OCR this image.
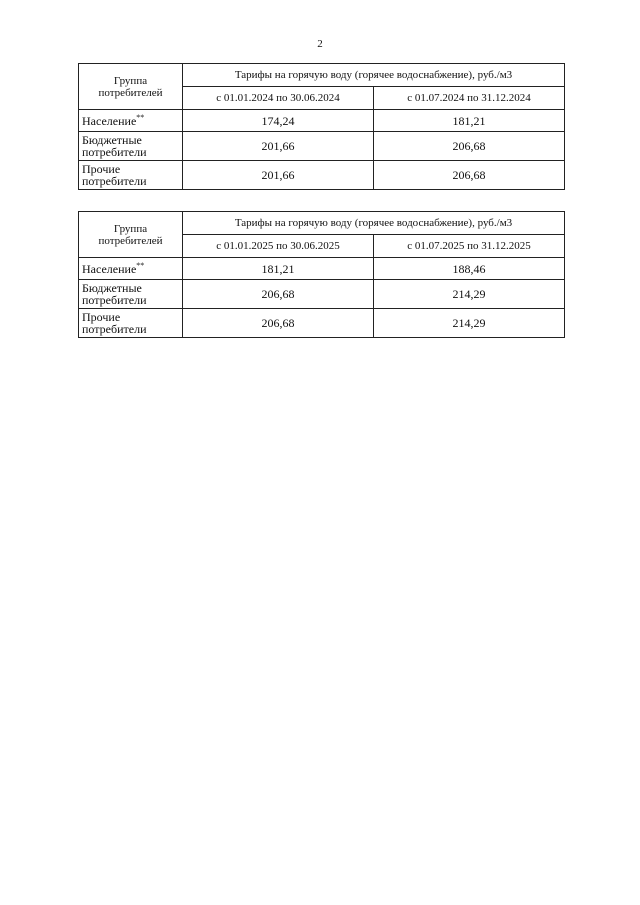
2
Группа
потребителей	Тарифы на горячую воду (горячее водоснабжение), руб./м3	
	с 01.01.2024 по 30.06.2024	с 01.07.2024 по 31.12.2024
Население**	174,24	181,21
Бюджетные
потребители	201,66	206,68
Прочие
потребители	201,66	206,68
Группа
потребителей	Тарифы на горячую воду (горячее водоснабжение), руб./м3	
	с 01.01.2025 по 30.06.2025	с 01.07.2025 по 31.12.2025
Население**	181,21	188,46
Бюджетные
потребители	206,68	214,29
Прочие
потребители	206,68	214,29
